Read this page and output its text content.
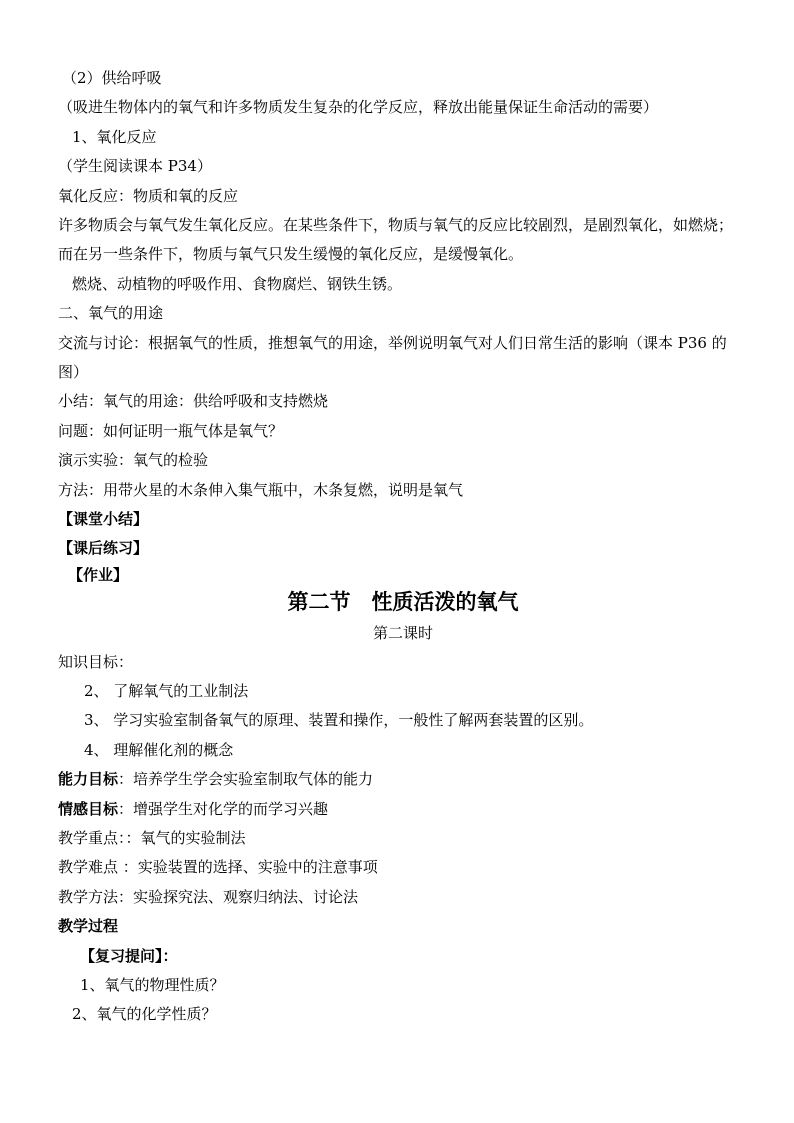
（2）供给呼吸
（吸进生物体内的氧气和许多物质发生复杂的化学反应，释放出能量保证生命活动的需要）
1、氧化反应
（学生阅读课本 P34）
氧化反应：物质和氧的反应
许多物质会与氧气发生氧化反应。在某些条件下，物质与氧气的反应比较剧烈，是剧烈氧化，如燃烧；
而在另一些条件下，物质与氧气只发生缓慢的氧化反应，是缓慢氧化。
燃烧、动植物的呼吸作用、食物腐烂、钢铁生锈。
二、氧气的用途
交流与讨论：根据氧气的性质，推想氧气的用途，举例说明氧气对人们日常生活的影响（课本 P36 的图）
小结：氧气的用途：供给呼吸和支持燃烧
问题：如何证明一瓶气体是氧气？
演示实验：氧气的检验
方法：用带火星的木条伸入集气瓶中，木条复燃，说明是氧气
【课堂小结】
【课后练习】
【作业】
第二节　性质活泼的氧气
第二课时
知识目标：
2、 了解氧气的工业制法
3、 学习实验室制备氧气的原理、装置和操作，一般性了解两套装置的区别。
4、 理解催化剂的概念
能力目标：培养学生学会实验室制取气体的能力
情感目标：增强学生对化学的而学习兴趣
教学重点：：氧气的实验制法
教学难点 ：实验装置的选择、实验中的注意事项
教学方法：实验探究法、观察归纳法、讨论法
教学过程
【复习提问】：
1、氧气的物理性质？
2、氧气的化学性质？
